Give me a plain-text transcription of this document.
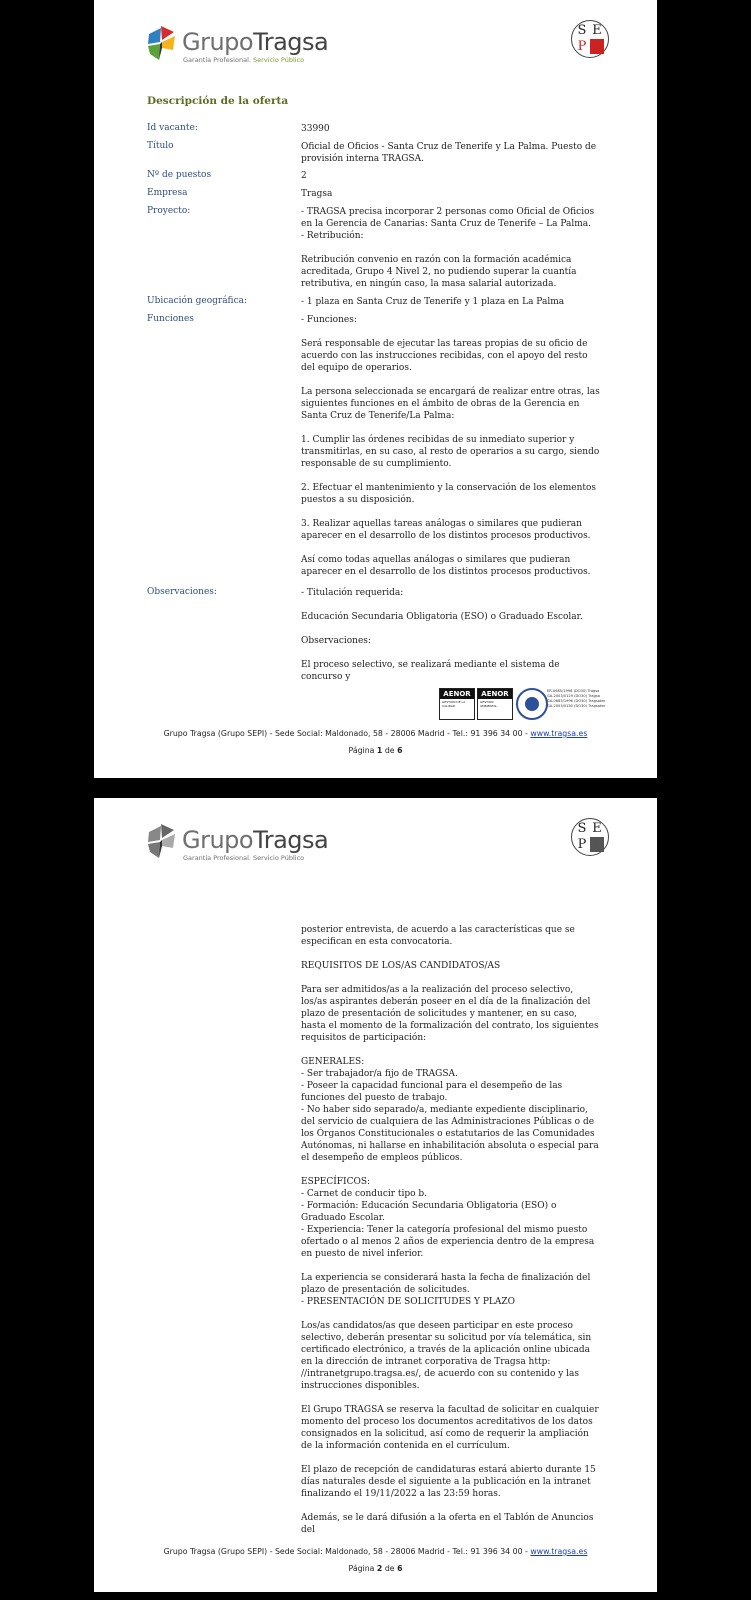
GrupoTragsa
Garantía Profesional. Servicio Público
S E
P I
Descripción de la oferta
Id vacante:	33990
Título	Oficial de Oficios - Santa Cruz de Tenerife y La Palma. Puesto de provisión interna TRAGSA.
Nº de puestos	2
Empresa	Tragsa
Proyecto:	- TRAGSA precisa incorporar 2 personas como Oficial de Oficios en la Gerencia de Canarias: Santa Cruz de Tenerife – La Palma.
- Retribución:
Retribución convenio en razón con la formación académica acreditada, Grupo 4 Nivel 2, no pudiendo superar la cuantía retributiva, en ningún caso, la masa salarial autorizada.
Ubicación geográfica:	- 1 plaza en Santa Cruz de Tenerife y 1 plaza en La Palma
Funciones	- Funciones:
Será responsable de ejecutar las tareas propias de su oficio de acuerdo con las instrucciones recibidas, con el apoyo del resto del equipo de operarios.
La persona seleccionada se encargará de realizar entre otras, las siguientes funciones en el ámbito de obras de la Gerencia en Santa Cruz de Tenerife/La Palma:
1. Cumplir las órdenes recibidas de su inmediato superior y transmitirlas, en su caso, al resto de operarios a su cargo, siendo responsable de su cumplimiento.
2. Efectuar el mantenimiento y la conservación de los elementos puestos a su disposición.
3. Realizar aquellas tareas análogas o similares que pudieran aparecer en el desarrollo de los distintos procesos productivos.
Así como todas aquellas análogas o similares que pudieran aparecer en el desarrollo de los distintos procesos productivos.
Observaciones:	- Titulación requerida:
Educación Secundaria Obligatoria (ESO) o Graduado Escolar.
Observaciones:
El proceso selectivo, se realizará mediante el sistema de concurso y
AENOR
GESTIÓN DE LA CALIDAD
AENOR
GESTIÓN AMBIENTAL
ER-0685/1996 (DO30) Tragsa
GA-2003/0129 (DO30) Tragsa
GA-0685/1996 (DO30) Tragsatec
GA-2003/0130 (DO30) Tragsatec
Grupo Tragsa (Grupo SEPI) - Sede Social: Maldonado, 58 - 28006 Madrid - Tel.: 91 396 34 00 - www.tragsa.es
Página 1 de 6
GrupoTragsa
Garantía Profesional. Servicio Público
S E
P I
posterior entrevista, de acuerdo a las características que se especifican en esta convocatoria.
REQUISITOS DE LOS/AS CANDIDATOS/AS
Para ser admitidos/as a la realización del proceso selectivo, los/as aspirantes deberán poseer en el día de la finalización del plazo de presentación de solicitudes y mantener, en su caso, hasta el momento de la formalización del contrato, los siguientes requisitos de participación:
GENERALES:
- Ser trabajador/a fijo de TRAGSA.
- Poseer la capacidad funcional para el desempeño de las funciones del puesto de trabajo.
- No haber sido separado/a, mediante expediente disciplinario, del servicio de cualquiera de las Administraciones Públicas o de los Órganos Constitucionales o estatutarios de las Comunidades Autónomas, ni hallarse en inhabilitación absoluta o especial para el desempeño de empleos públicos.
ESPECÍFICOS:
- Carnet de conducir tipo b.
- Formación: Educación Secundaria Obligatoria (ESO) o Graduado Escolar.
- Experiencia: Tener la categoría profesional del mismo puesto ofertado o al menos 2 años de experiencia dentro de la empresa en puesto de nivel inferior.
La experiencia se considerará hasta la fecha de finalización del plazo de presentación de solicitudes.
- PRESENTACIÓN DE SOLICITUDES Y PLAZO
Los/as candidatos/as que deseen participar en este proceso selectivo, deberán presentar su solicitud por vía telemática, sin certificado electrónico, a través de la aplicación online ubicada en la dirección de intranet corporativa de Tragsa http: //intranetgrupo.tragsa.es/, de acuerdo con su contenido y las instrucciones disponibles.
El Grupo TRAGSA se reserva la facultad de solicitar en cualquier momento del proceso los documentos acreditativos de los datos consignados en la solicitud, así como de requerir la ampliación de la información contenida en el currículum.
El plazo de recepción de candidaturas estará abierto durante 15 días naturales desde el siguiente a la publicación en la intranet finalizando el 19/11/2022 a las 23:59 horas.
Además, se le dará difusión a la oferta en el Tablón de Anuncios del
Grupo Tragsa (Grupo SEPI) - Sede Social: Maldonado, 58 - 28006 Madrid - Tel.: 91 396 34 00 - www.tragsa.es
Página 2 de 6
